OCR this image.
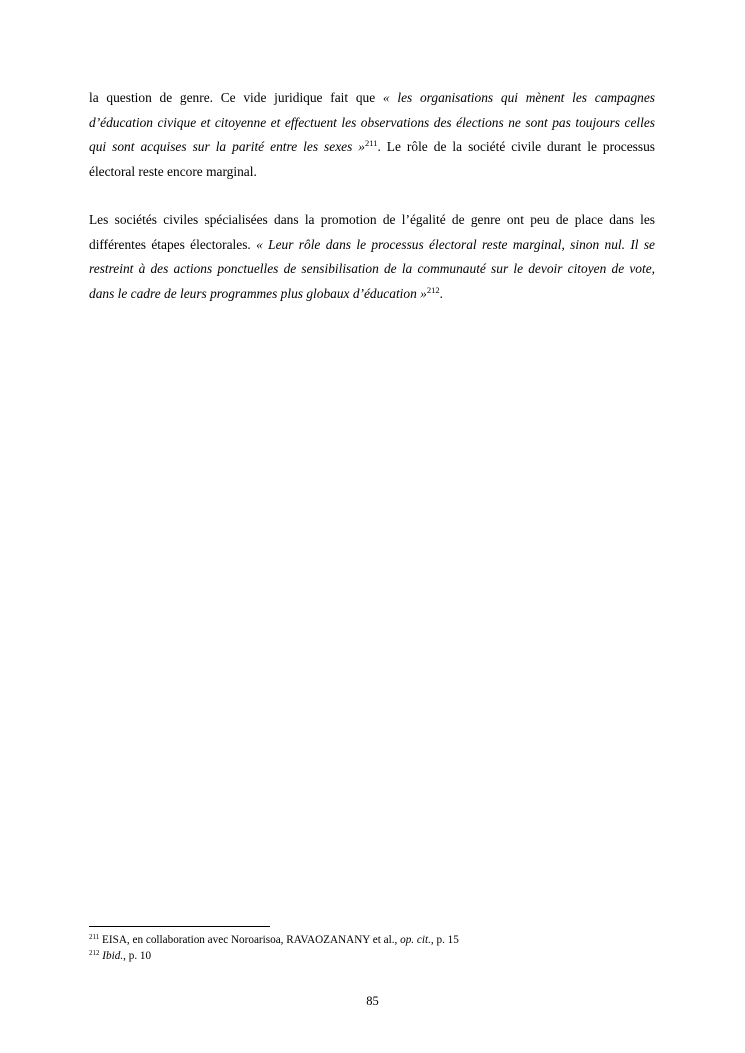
la question de genre. Ce vide juridique fait que « les organisations qui mènent les campagnes d’éducation civique et citoyenne et effectuent les observations des élections ne sont pas toujours celles qui sont acquises sur la parité entre les sexes »$^{211}$. Le rôle de la société civile durant le processus électoral reste encore marginal.

Les sociétés civiles spécialisées dans la promotion de l’égalité de genre ont peu de place dans les différentes étapes électorales. « Leur rôle dans le processus électoral reste marginal, sinon nul. Il se restreint à des actions ponctuelles de sensibilisation de la communauté sur le devoir citoyen de vote, dans le cadre de leurs programmes plus globaux d’éducation »$^{212}$.

$^{211}$ EISA, en collaboration avec Noroarisoa, RAVAOZANANY et al., op. cit., p. 15

$^{212}$ Ibid., p. 10

85
